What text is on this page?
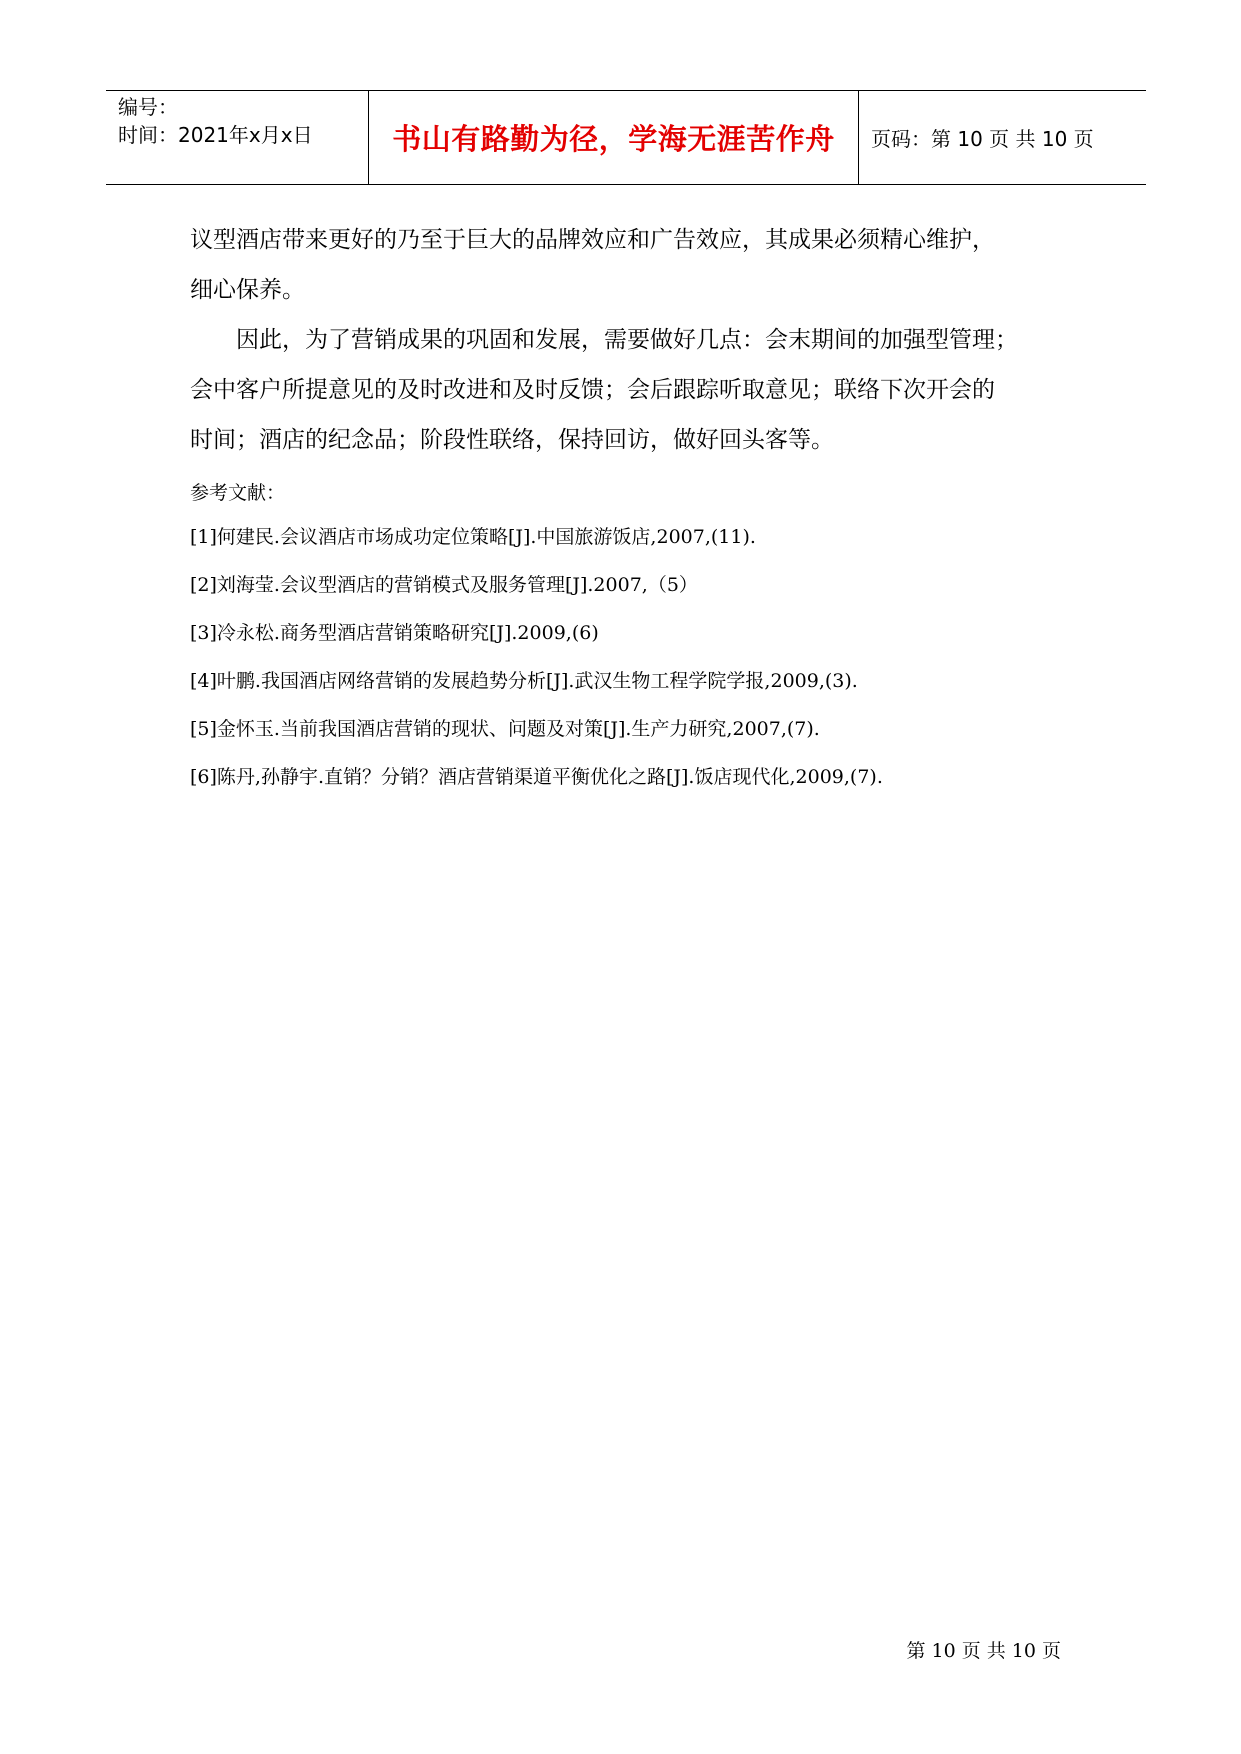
编号：
时间：2021年x月x日	书山有路勤为径，学海无涯苦作舟 页码：第 10 页 共 10 页

议型酒店带来更好的乃至于巨大的品牌效应和广告效应，其成果必须精心维护，
细心保养。

因此，为了营销成果的巩固和发展，需要做好几点：会末期间的加强型管理；
会中客户所提意见的及时改进和及时反馈；会后跟踪听取意见；联络下次开会的
时间；酒店的纪念品；阶段性联络，保持回访，做好回头客等。

参考文献：

[1]何建民.会议酒店市场成功定位策略[J].中国旅游饭店,2007,(11).

[2]刘海莹.会议型酒店的营销模式及服务管理[J].2007,（5）

[3]冷永松.商务型酒店营销策略研究[J].2009,(6)

[4]叶鹏.我国酒店网络营销的发展趋势分析[J].武汉生物工程学院学报,2009,(3).

[5]金怀玉.当前我国酒店营销的现状、问题及对策[J].生产力研究,2007,(7).

[6]陈丹,孙静宇.直销？分销？酒店营销渠道平衡优化之路[J].饭店现代化,2009,(7).

第 10 页 共 10 页
